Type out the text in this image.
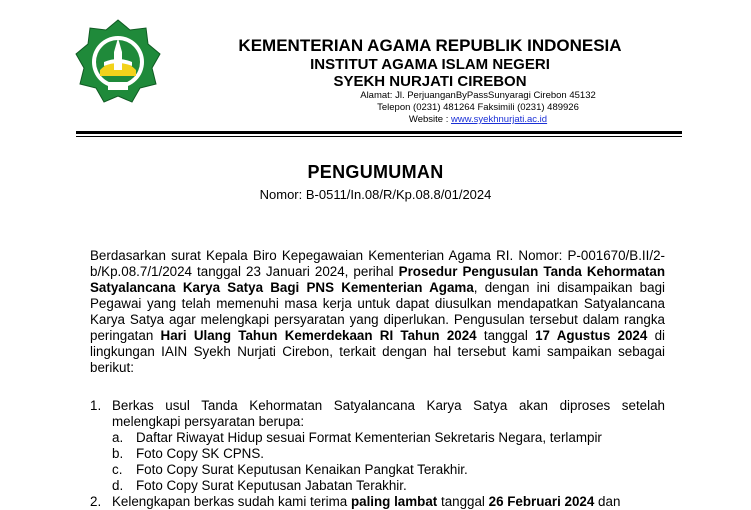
KEMENTERIAN AGAMA REPUBLIK INDONESIA
INSTITUT AGAMA ISLAM NEGERI
SYEKH NURJATI CIREBON
Alamat: Jl. PerjuanganByPassSunyaragi Cirebon 45132
Telepon (0231) 481264 Faksimili (0231) 489926
Website : www.syekhnurjati.ac.id
PENGUMUMAN
Nomor: B-0511/In.08/R/Kp.08.8/01/2024
Berdasarkan surat Kepala Biro Kepegawaian Kementerian Agama RI. Nomor: P-001670/B.II/2-b/Kp.08.7/1/2024 tanggal 23 Januari 2024, perihal Prosedur Pengusulan Tanda Kehormatan Satyalancana Karya Satya Bagi PNS Kementerian Agama, dengan ini disampaikan bagi Pegawai yang telah memenuhi masa kerja untuk dapat diusulkan mendapatkan Satyalancana Karya Satya agar melengkapi persyaratan yang diperlukan. Pengusulan tersebut dalam rangka peringatan Hari Ulang Tahun Kemerdekaan RI Tahun 2024 tanggal 17 Agustus 2024 di lingkungan IAIN Syekh Nurjati Cirebon, terkait dengan hal tersebut kami sampaikan sebagai berikut:
1. Berkas usul Tanda Kehormatan Satyalancana Karya Satya akan diproses setelah melengkapi persyaratan berupa:
a. Daftar Riwayat Hidup sesuai Format Kementerian Sekretaris Negara, terlampir
b. Foto Copy SK CPNS.
c. Foto Copy Surat Keputusan Kenaikan Pangkat Terakhir.
d. Foto Copy Surat Keputusan Jabatan Terakhir.
2. Kelengkapan berkas sudah kami terima paling lambat tanggal 26 Februari 2024 dan
